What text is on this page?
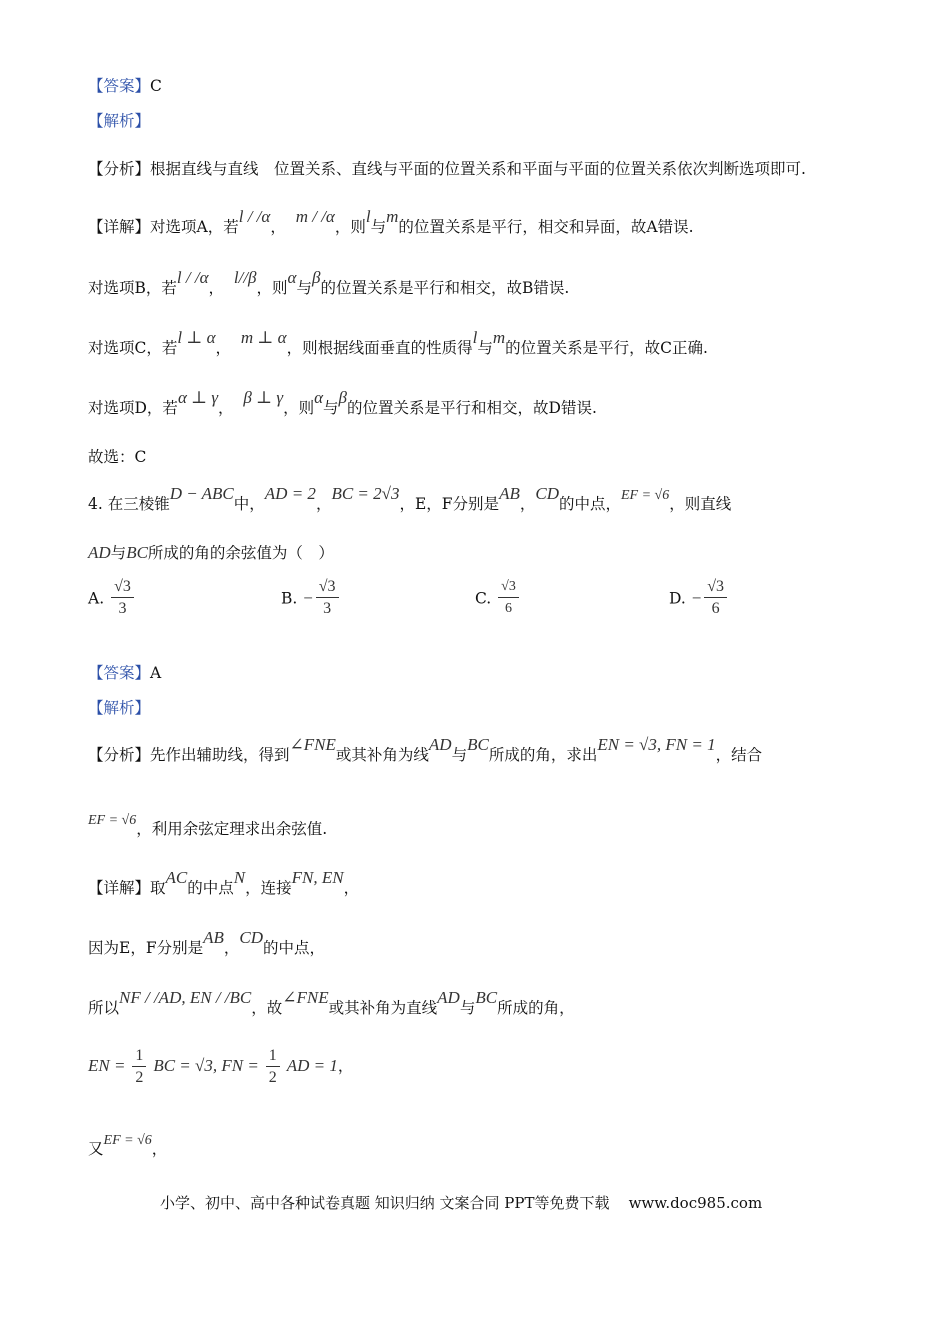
【答案】C
【解析】
【分析】根据直线与直线　位置关系、直线与平面的位置关系和平面与平面的位置关系依次判断选项即可.
【详解】对选项A，若l / /α，  m / /α，则l与m的位置关系是平行，相交和异面，故A错误.
对选项B，若l / /α，  l//β，则α与β的位置关系是平行和相交，故B错误.
对选项C，若l ⊥ α，  m ⊥ α，则根据线面垂直的性质得l与m的位置关系是平行，故C正确.
对选项D，若α ⊥ γ，  β ⊥ γ，则α与β的位置关系是平行和相交，故D错误.
故选：C
4. 在三棱锥D − ABC中，AD = 2，BC = 2√3，E，F分别是AB，CD的中点，EF = √6，则直线
AD与BC所成的角的余弦值为（　）
A. $\frac{√3}{3}$	B. − $\frac{√3}{3}$	C. $\frac{√3}{6}$	D. − $\frac{√3}{6}$
【答案】A
【解析】
【分析】先作出辅助线，得到∠FNE或其补角为线AD与BC所成的角，求出EN = √3, FN = 1，结合
EF = √6，利用余弦定理求出余弦值.
【详解】取AC的中点N，连接FN, EN，
因为E，F分别是AB，CD的中点，
所以NF / /AD, EN / /BC，故∠FNE或其补角为直线AD与BC所成的角，
EN = $\frac{1}{2}$ BC = √3, FN = $\frac{1}{2}$ AD = 1，
又EF = √6，
小学、初中、高中各种试卷真题 知识归纳 文案合同 PPT等免费下载 www.doc985.com
